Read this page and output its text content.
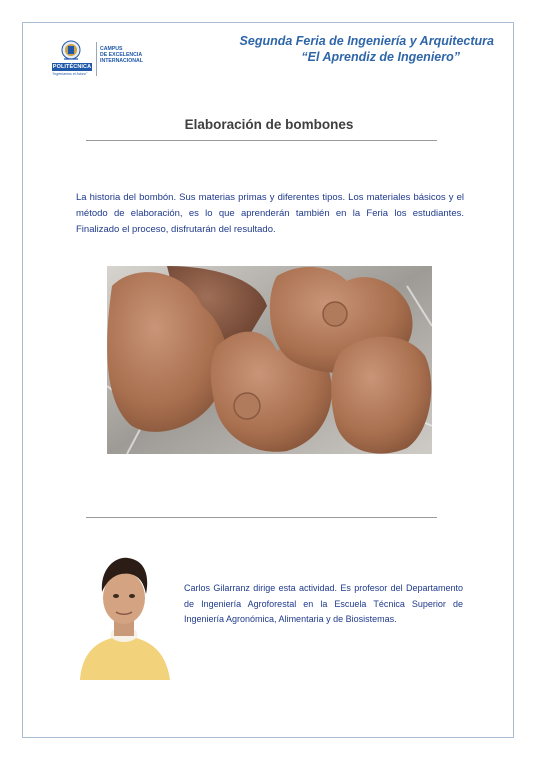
POLITÉCNICA
"Ingeniamos el futuro"
CAMPUS
DE EXCELENCIA
INTERNACIONAL
Segunda Feria de Ingeniería y Arquitectura
“El Aprendiz de Ingeniero”
Elaboración de bombones
La historia del bombón. Sus materias primas y diferentes tipos. Los materiales básicos y el método de elaboración, es lo que aprenderán también en la Feria los estudiantes. Finalizado el proceso, disfrutarán del resultado.
Carlos Gilarranz dirige esta actividad. Es profesor del Departamento de Ingeniería Agroforestal en la Escuela Técnica Superior de Ingeniería Agronómica, Alimentaria y de Biosistemas.
